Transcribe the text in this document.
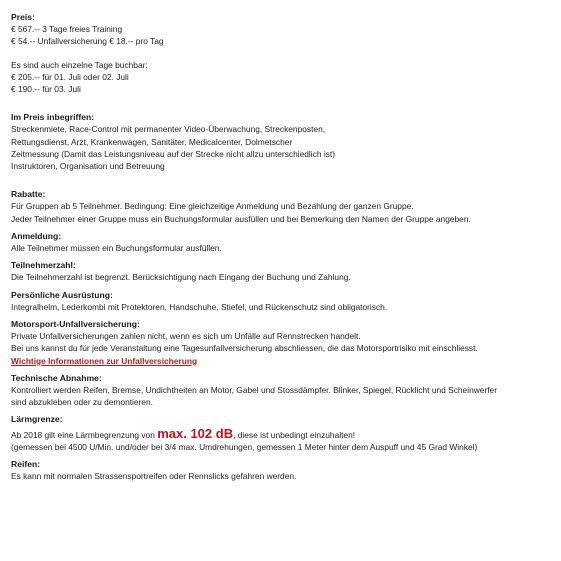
Preis:
€ 567.-- 3 Tage freies Training
€ 54.-- Unfallversicherung € 18.-- pro Tag
Es sind auch einzelne Tage buchbar:
€ 205.-- für 01. Juli oder 02. Juli
€ 190.-- für 03. Juli
Im Preis inbegriffen:
Streckenmiete, Race-Control mit permanenter Video-Überwachung, Streckenposten,
Rettungsdienst, Arzt, Krankenwagen, Sanitäter, Medicalcenter, Dolmetscher
Zeitmessung (Damit das Leistungsniveau auf der Strecke nicht allzu unterschiedlich ist)
Instruktoren, Organisation und Betreuung
Rabatte:
Für Gruppen ab 5 Teilnehmer. Bedingung: Eine gleichzeitige Anmeldung und Bezahlung der ganzen Gruppe.
Jeder Teilnehmer einer Gruppe muss ein Buchungsformular ausfüllen und bei Bemerkung den Namen der Gruppe angeben.
Anmeldung:
Alle Teilnehmer müssen ein Buchungsformular ausfüllen.
Teilnehmerzahl:
Die Teilnehmerzahl ist begrenzt. Berücksichtigung nach Eingang der Buchung und Zahlung.
Persönliche Ausrüstung:
Integralhelm, Lederkombi mit Protektoren, Handschuhe, Stiefel, und Rückenschutz sind obligatorisch.
Motorsport-Unfallversicherung:
Private Unfallversicherungen zahlen nicht, wenn es sich um Unfälle auf Rennstrecken handelt.
Bei uns kannst du für jede Veranstaltung eine Tagesunfallversicherung abschliessen, die das Motorsportrisiko mit einschliesst.
Wichtige Informationen zur Unfallversicherung
Technische Abnahme:
Kontrolliert werden Reifen, Bremse, Undichtheiten an Motor, Gabel und Stossdämpfer. Blinker, Spiegel, Rücklicht und Scheinwerfer
sind abzukleben oder zu demontieren.
Lärmgrenze:
Ab 2018 gilt eine Lärmbegrenzung von max. 102 dB, diese ist unbedingt einzuhalten!
(gemessen bei 4500 U/Min. und/oder bei 3/4 max. Umdrehungen, gemessen 1 Meter hinter dem Auspuff und 45 Grad Winkel)
Reifen:
Es kann mit normalen Strassensportreifen oder Rennslicks gefahren werden.
